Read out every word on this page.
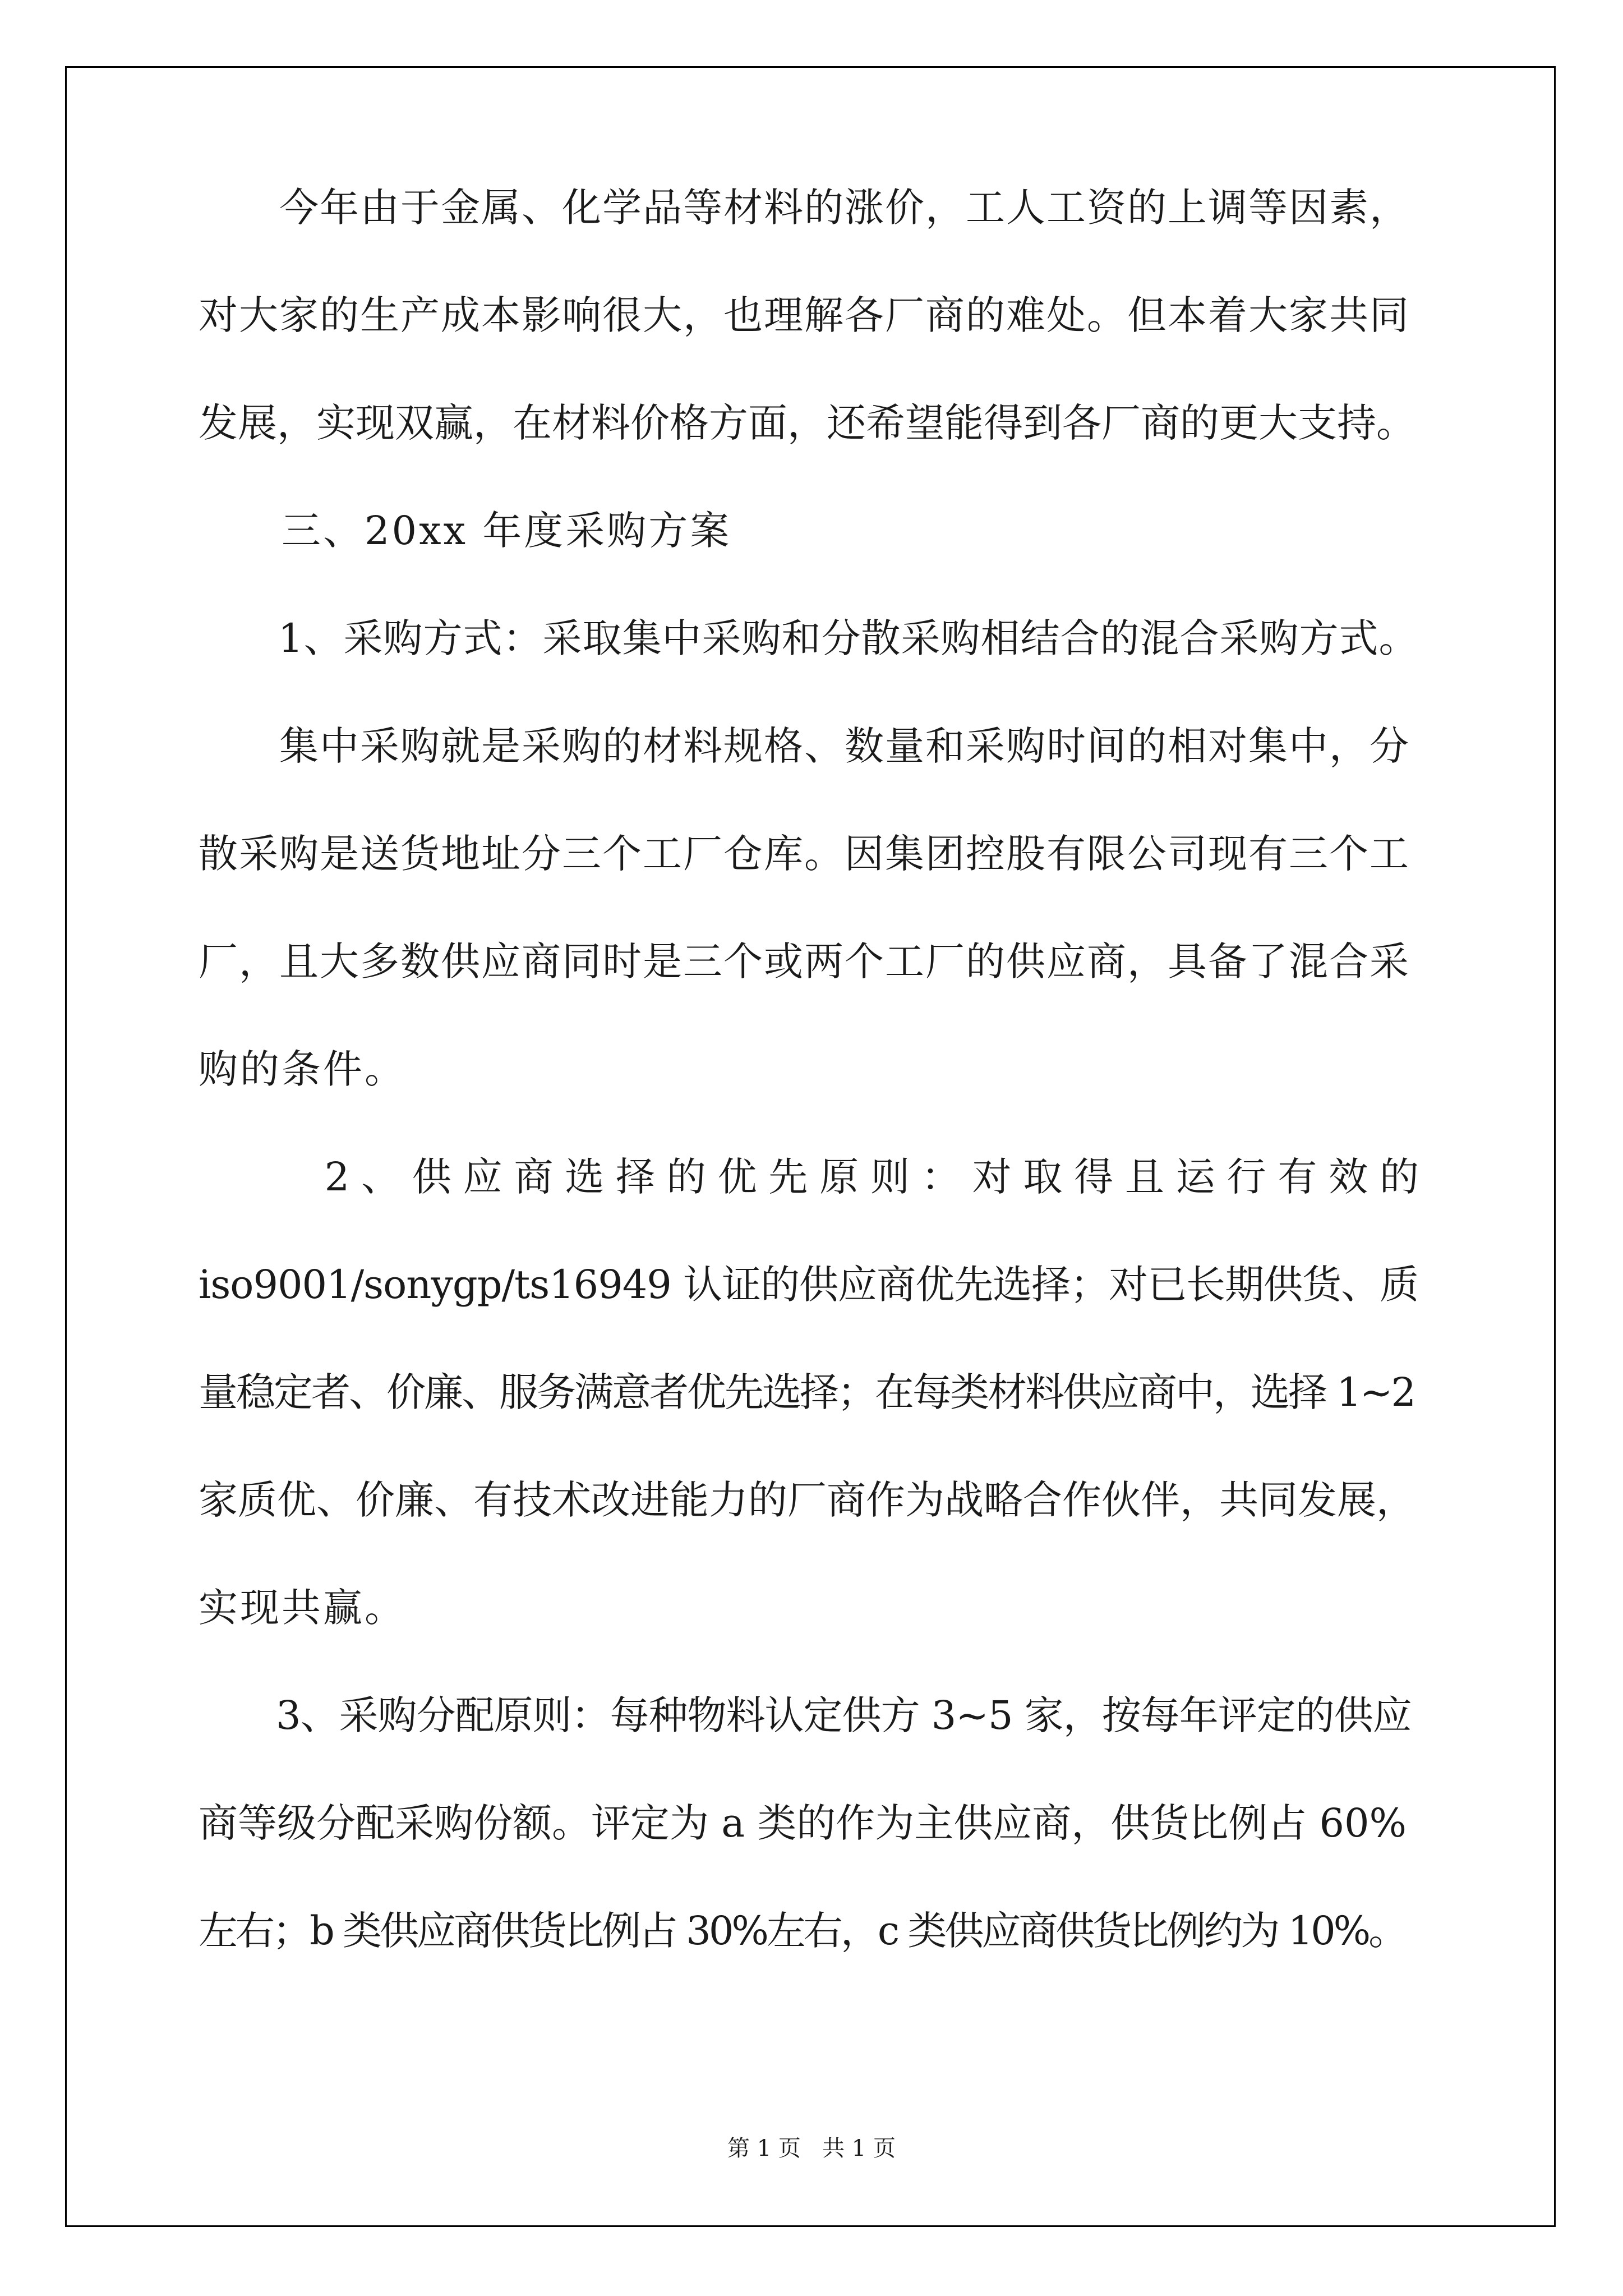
　　今年由于金属、化学品等材料的涨价，工人工资的上调等因素，
对大家的生产成本影响很大，也理解各厂商的难处。但本着大家共同
发展，实现双赢，在材料价格方面，还希望能得到各厂商的更大支持。
　　三、20xx 年度采购方案
　　1、采购方式：采取集中采购和分散采购相结合的混合采购方式。
　　集中采购就是采购的材料规格、数量和采购时间的相对集中，分
散采购是送货地址分三个工厂仓库。因集团控股有限公司现有三个工
厂，且大多数供应商同时是三个或两个工厂的供应商，具备了混合采
购的条件。
　　 2、供应商选择的优先原则：对取得且运行有效的
iso9001/sonygp/ts16949 认证的供应商优先选择；对已长期供货、质
量稳定者、价廉、服务满意者优先选择；在每类材料供应商中，选择 1~2
家质优、价廉、有技术改进能力的厂商作为战略合作伙伴，共同发展，
实现共赢。
　　3、采购分配原则：每种物料认定供方 3~5 家，按每年评定的供应
商等级分配采购份额。评定为 a 类的作为主供应商，供货比例占 60%
左右；b 类供应商供货比例占 30%左右，c 类供应商供货比例约为 10%。
第 1 页   共 1 页
